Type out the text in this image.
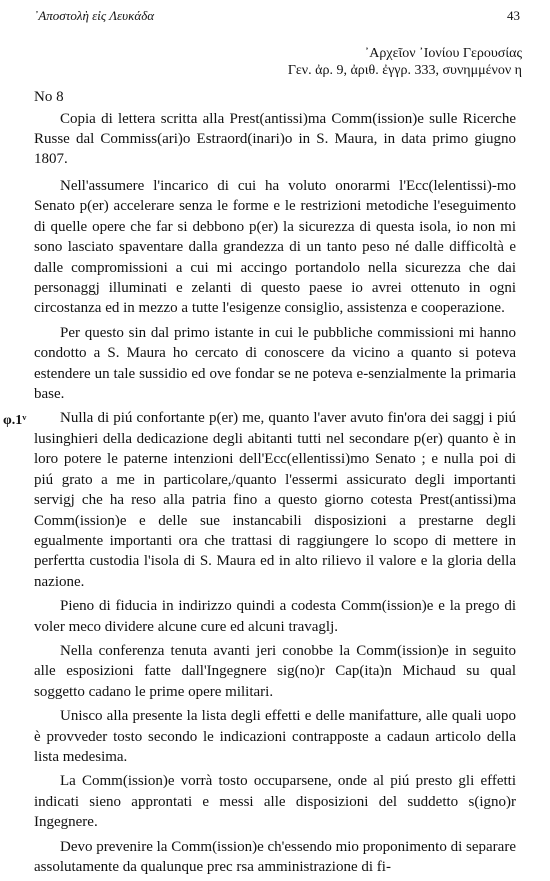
᾿Αποστολὴ εἰς Λευκάδα	43
᾿Αρχεῖον ᾿Ιονίου Γερουσίας
Γεν. ἀρ. 9, ἀριθ. ἐγγρ. 333, συνημμένον η
No 8

Copia di lettera scritta alla Prest(antissi)ma Comm(ission)e sulle Ricerche Russe dal Commiss(ari)o Estraord(inari)o in S. Maura, in data primo giugno 1807.

φ.1ᵛ

Nell'assumere l'incarico di cui ha voluto onorarmi l'Ecc(lelentissi)-mo Senato p(er) accelerare senza le forme e le restrizioni metodiche l'eseguimento di quelle opere che far si debbono p(er) la sicurezza di questa isola, io non mi sono lasciato spaventare dalla grandezza di un tanto peso né dalle difficoltà e dalle compromissioni a cui mi accingo portandolo nella sicurezza che dai personaggj illuminati e zelanti di questo paese io avrei ottenuto in ogni circostanza ed in mezzo a tutte l'esigenze consiglio, assistenza e cooperazione.

Per questo sin dal primo istante in cui le pubbliche commissioni mi hanno condotto a S. Maura ho cercato di conoscere da vicino a quanto si poteva estendere un tale sussidio ed ove fondar se ne poteva e-senzialmente la primaria base.

Nulla di piú confortante p(er) me, quanto l'aver avuto fin'ora dei saggj i piú lusinghieri della dedicazione degli abitanti tutti nel secondare p(er) quanto è in loro potere le paterne intenzioni dell'Ecc(ellentissi)mo Senato ; e nulla poi di piú grato a me in particolare,/quanto l'essermi assicurato degli importanti servigj che ha reso alla patria fino a questo giorno cotesta Prest(antissi)ma Comm(ission)e e delle sue instancabili disposizioni a prestarne degli egualmente importanti ora che trattasi di raggiungere lo scopo di mettere in perfertta custodia l'isola di S. Maura ed in alto rilievo il valore e la gloria della nazione.

Pieno di fiducia in indirizzo quindi a codesta Comm(ission)e e la prego di voler meco dividere alcune cure ed alcuni travaglj.

Nella conferenza tenuta avanti jeri conobbe la Comm(ission)e in seguito alle esposizioni fatte dall'Ingegnere sig(no)r Cap(ita)n Michaud su qual soggetto cadano le prime opere militari.

Unisco alla presente la lista degli effetti e delle manifatture, alle quali uopo è provveder tosto secondo le indicazioni contrapposte a cadaun articolo della lista medesima.

La Comm(ission)e vorrà tosto occuparsene, onde al piú presto gli effetti indicati sieno approntati e messi alle disposizioni del suddetto s(igno)r Ingegnere.

Devo prevenire la Comm(ission)e ch'essendo mio proponimento di separare assolutamente da qualunque prec rsa amministrazione di fi-
